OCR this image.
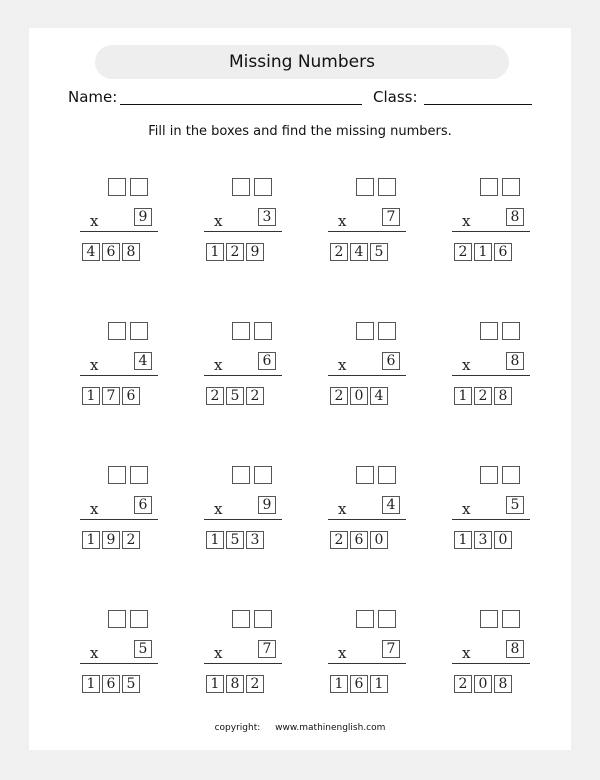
Missing Numbers
Name:	Class:
Fill in the boxes and find the missing numbers.
x	9
4 6 8
x	3
1 2 9
x	7
2 4 5
x	8
2 1 6
x	4
1 7 6
x	6
2 5 2
x	6
2 0 4
x	8
1 2 8
x	6
1 9 2
x	9
1 5 3
x	4
2 6 0
x	5
1 3 0
x	5
1 6 5
x	7
1 8 2
x	7
1 6 1
x	8
2 0 8
copyright: www.mathinenglish.com
